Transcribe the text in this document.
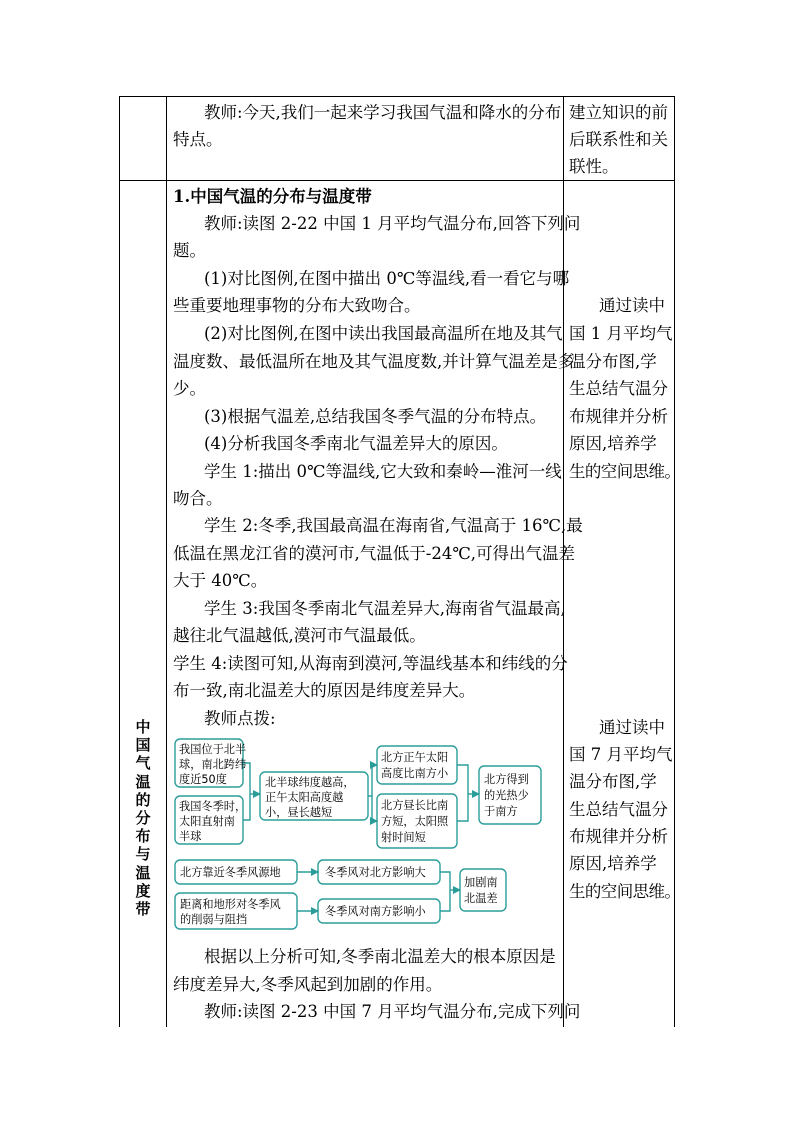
教师:今天,我们一起来学习我国气温和降水的分布
特点。
建立知识的前
后联系性和关
联性。
中
国
气
温
的
分
布
与
温
度
带
1.中国气温的分布与温度带
教师:读图 2-22 中国 1 月平均气温分布,回答下列问
题。
(1)对比图例,在图中描出 0℃等温线,看一看它与哪
些重要地理事物的分布大致吻合。
(2)对比图例,在图中读出我国最高温所在地及其气
温度数、最低温所在地及其气温度数,并计算气温差是多
少。
(3)根据气温差,总结我国冬季气温的分布特点。
(4)分析我国冬季南北气温差异大的原因。
学生 1:描出 0℃等温线,它大致和秦岭—淮河一线
吻合。
学生 2:冬季,我国最高温在海南省,气温高于 16℃,最
低温在黑龙江省的漠河市,气温低于-24℃,可得出气温差
大于 40℃。
学生 3:我国冬季南北气温差异大,海南省气温最高,
越往北气温越低,漠河市气温最低。
学生 4:读图可知,从海南到漠河,等温线基本和纬线的分
布一致,南北温差大的原因是纬度差异大。
教师点拨:
我国位于北半
球，南北跨纬
度近50度
我国冬季时，
太阳直射南
半球
北半球纬度越高，
正午太阳高度越
小，昼长越短
北方正午太阳
高度比南方小
北方昼长比南
方短，太阳照
射时间短
北方得到
的光热少
于南方
北方靠近冬季风源地
距离和地形对冬季风
的削弱与阻挡
冬季风对北方影响大
冬季风对南方影响小
加剧南
北温差
根据以上分析可知,冬季南北温差大的根本原因是
纬度差异大,冬季风起到加剧的作用。
教师:读图 2-23 中国 7 月平均气温分布,完成下列问
通过读中
国 1 月平均气
温分布图,学
生总结气温分
布规律并分析
原因,培养学
生的空间思维。
通过读中
国 7 月平均气
温分布图,学
生总结气温分
布规律并分析
原因,培养学
生的空间思维。
